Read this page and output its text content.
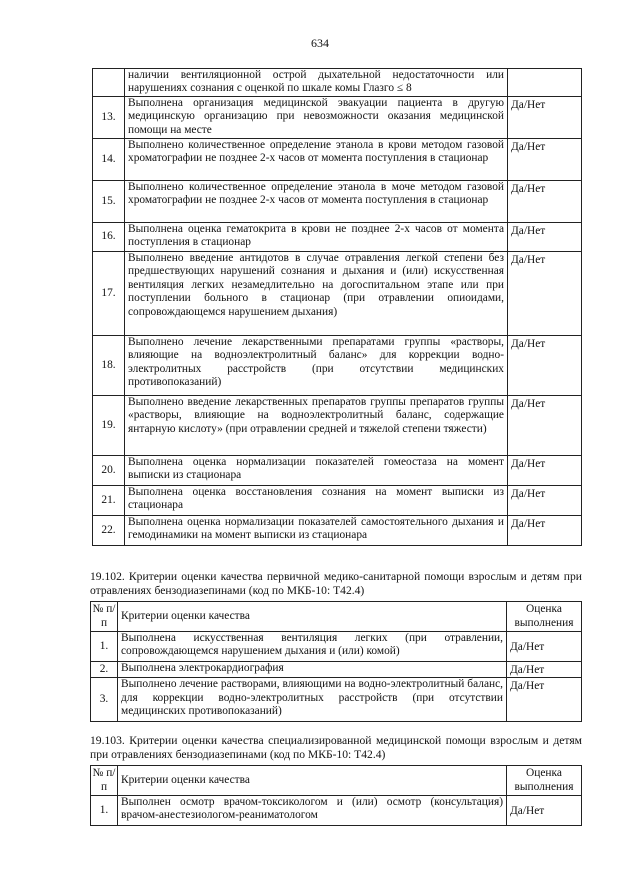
634
	наличии вентиляционной острой дыхательной недостаточности или нарушениях сознания с оценкой по шкале комы Глазго ≤ 8	
13.	Выполнена организация медицинской эвакуации пациента в другую медицинскую организацию при невозможности оказания медицинской помощи на месте	Да/Нет
14.	Выполнено количественное определение этанола в крови методом газовой хроматографии не позднее 2-х часов от момента поступления в стационар	Да/Нет
15.	Выполнено количественное определение этанола в моче методом газовой хроматографии не позднее 2-х часов от момента поступления в стационар	Да/Нет
16.	Выполнена оценка гематокрита в крови не позднее 2-х часов от момента поступления в стационар	Да/Нет
17.	Выполнено введение антидотов в случае отравления легкой степени без предшествующих нарушений сознания и дыхания и (или) искусственная вентиляция легких незамедлительно на догоспитальном этапе или при поступлении больного в стационар (при отравлении опиоидами, сопровождающемся нарушением дыхания)	Да/Нет
18.	Выполнено лечение лекарственными препаратами группы «растворы, влияющие на водноэлектролитный баланс» для коррекции водно-электролитных расстройств (при отсутствии медицинских противопоказаний)	Да/Нет
19.	Выполнено введение лекарственных препаратов группы препаратов группы «растворы, влияющие на водноэлектролитный баланс, содержащие янтарную кислоту» (при отравлении средней и тяжелой степени тяжести)	Да/Нет
20.	Выполнена оценка нормализации показателей гомеостаза на момент выписки из стационара	Да/Нет
21.	Выполнена оценка восстановления сознания на момент выписки из стационара	Да/Нет
22.	Выполнена оценка нормализации показателей самостоятельного дыхания и гемодинамики на момент выписки из стационара	Да/Нет
19.102. Критерии оценки качества первичной медико-санитарной помощи взрослым и детям при отравлениях бензодиазепинами (код по МКБ-10: Т42.4)
№ п/п	Критерии оценки качества	Оценка выполнения
1.	Выполнена искусственная вентиляция легких (при отравлении, сопровождающемся нарушением дыхания и (или) комой)	Да/Нет
2.	Выполнена электрокардиография	Да/Нет
3.	Выполнено лечение растворами, влияющими на водно-электролитный баланс, для коррекции водно-электролитных расстройств (при отсутствии медицинских противопоказаний)	Да/Нет
19.103. Критерии оценки качества специализированной медицинской помощи взрослым и детям при отравлениях бензодиазепинами (код по МКБ-10: Т42.4)
№ п/п	Критерии оценки качества	Оценка выполнения
1.	Выполнен осмотр врачом-токсикологом и (или) осмотр (консультация) врачом-анестезиологом-реаниматологом	Да/Нет
